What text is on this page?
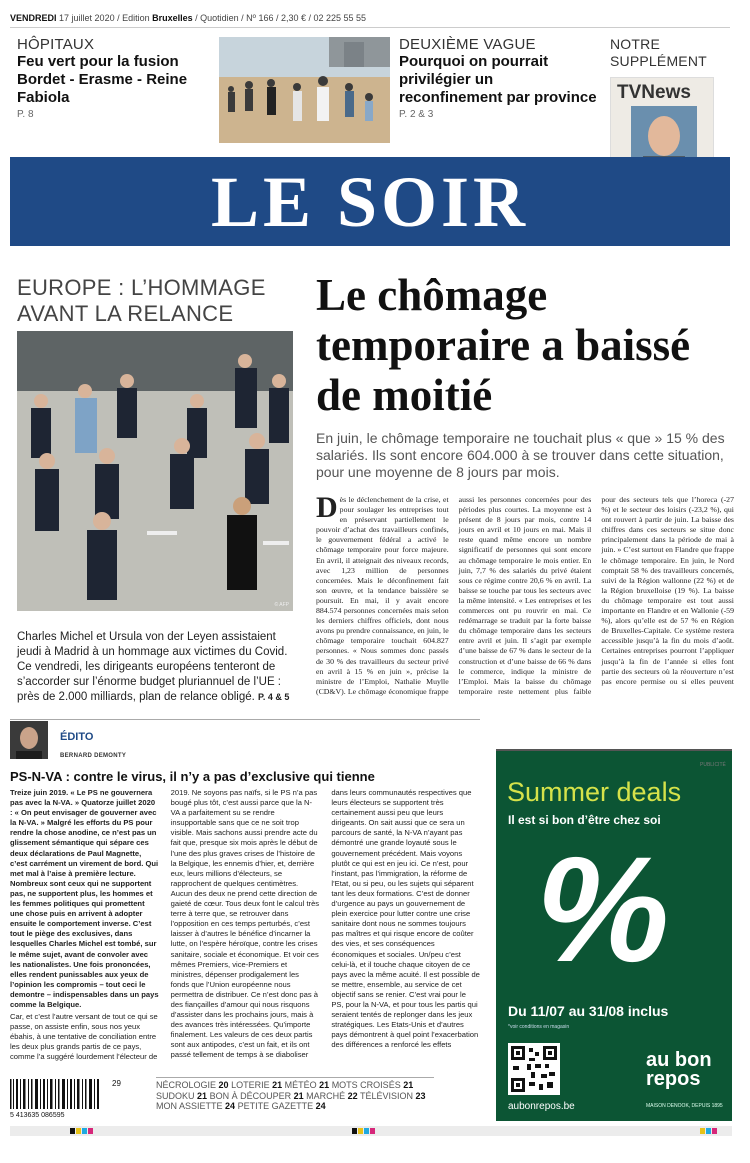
VENDREDI 17 juillet 2020 / Edition Bruxelles / Quotidien / Nº 166 / 2,30 € / 02 225 55 55
HÔPITAUX
Feu vert pour la fusion Bordet - Erasme - Reine Fabiola
P. 8
DEUXIÈME VAGUE
Pourquoi on pourrait privilégier un reconfinement par province
P. 2 & 3
NOTRE SUPPLÉMENT
TVNews
LE SOIR
EUROPE : L’HOMMAGE AVANT LA RELANCE
© AFP
Charles Michel et Ursula von der Leyen assistaient jeudi à Madrid à un hommage aux victimes du Covid. Ce vendredi, les dirigeants européens tenteront de s’accorder sur l’énorme budget pluriannuel de l’UE : près de 2.000 milliards, plan de relance obligé. P. 4 & 5
Le chômage temporaire a baissé de moitié
En juin, le chômage temporaire ne touchait plus « que » 15 % des salariés. Ils sont encore 604.000 à se trouver dans cette situation, pour une moyenne de 8 jours par mois.
Dès le déclenchement de la crise, et pour soulager les entreprises tout en préservant partiellement le pouvoir d’achat des travailleurs confinés, le gouvernement fédéral a activé le chômage temporaire pour force majeure. En avril, il atteignait des niveaux records, avec 1,23 million de personnes concernées. Mais le déconfinement fait son œuvre, et la tendance baissière se poursuit. En mai, il y avait encore 884.574 personnes concernées mais selon les derniers chiffres officiels, dont nous avons pu prendre connaissance, en juin, le chômage temporaire touchait 604.827 personnes. « Nous sommes donc passés de 30 % des travailleurs du secteur privé en avril à 15 % en juin », précise la ministre de l’Emploi, Nathalie Muylle (CD&V). Le chômage économique frappe aussi les personnes concernées pour des périodes plus courtes. La moyenne est à présent de 8 jours par mois, contre 14 jours en avril et 10 jours en mai. Mais il reste quand même encore un nombre significatif de personnes qui sont encore au chômage temporaire le mois entier. En juin, 7,7 % des salariés du privé étaient sous ce régime contre 20,6 % en avril. La baisse se touche par tous les secteurs avec la même intensité. « Les entreprises et les commerces ont pu rouvrir en mai. Ce redémarrage se traduit par la forte baisse du chômage temporaire dans les secteurs entre avril et juin. Il s’agit par exemple d’une baisse de 67 % dans le secteur de la construction et d’une baisse de 66 % dans le commerce, indique la ministre de l’Emploi. Mais la baisse du chômage temporaire reste nettement plus faible pour des secteurs tels que l’horeca (-27 %) et le secteur des loisirs (-23,2 %), qui ont rouvert à partir de juin. La baisse des chiffres dans ces secteurs se situe donc principalement dans la période de mai à juin. » C’est surtout en Flandre que frappe le chômage temporaire. En juin, le Nord comptait 58 % des travailleurs concernés, suivi de la Région wallonne (22 %) et de la Région bruxelloise (19 %). La baisse du chômage temporaire est tout aussi importante en Flandre et en Wallonie (-59 %), alors qu’elle est de 57 % en Région de Bruxelles-Capitale. Ce système restera accessible jusqu’à la fin du mois d’août. Certaines entreprises pourront l’appliquer jusqu’à la fin de l’année si elles font partie des secteurs où la réouverture n’est pas encore permise ou si elles peuvent
ÉDITO
BERNARD DEMONTY
PS-N-VA : contre le virus, il n’y a pas d’exclusive qui tienne

Treize juin 2019. « Le PS ne gouvernera pas avec la N-VA. » Quatorze juillet 2020 : « On peut envisager de gouverner avec la N-VA. » Malgré les efforts du PS pour rendre la chose anodine, ce n’est pas un glissement sémantique qui sépare ces deux déclarations de Paul Magnette, c’est carrément un virement de bord. Qui met mal à l’aise à première lecture. Nombreux sont ceux qui ne supportent pas, ne supportent plus, les hommes et les femmes politiques qui promettent une chose puis en arrivent à adopter ensuite le comportement inverse. C’est tout le piège des exclusives, dans lesquelles Charles Michel est tombé, sur le même sujet, avant de convoler avec les nationalistes. Une fois prononcées, elles rendent punissables aux yeux de l’opinion les compromis – tout ceci le demontre – indispensables dans un pays comme la Belgique.

Car, et c’est l’autre versant de tout ce qui se passe, on assiste enfin, sous nos yeux ébahis, à une tentative de conciliation entre les deux plus grands partis de ce pays, comme l’a suggéré lourdement l’électeur de 2019. Ne soyons pas naïfs, si le PS n’a pas bougé plus tôt, c’est aussi parce que la N-VA a parfaitement su se rendre insupportable sans que ce ne soit trop visible. Mais sachons aussi prendre acte du fait que, presque six mois après le début de l’une des plus graves crises de l’histoire de la Belgique, les ennemis d’hier, et, derrière eux, leurs millions d’électeurs, se rapprochent de quelques centimètres. Aucun des deux ne prend cette direction de gaieté de cœur. Tous deux font le calcul très terre à terre que, se retrouver dans l’opposition en ces temps perturbés, c’est laisser à d’autres le bénéfice d’incarner la lutte, on l’espère héroïque, contre les crises sanitaire, sociale et économique. Et voir ces mêmes Premiers, vice-Premiers et ministres, dépenser prodigalement les fonds que l’Union européenne nous permettra de distribuer. Ce n’est donc pas à des fiançailles d’amour qui nous risquons d’assister dans les prochains jours, mais à des avances très intéressées. Qu’importe finalement. Les valeurs de ces deux partis sont aux antipodes, c’est un fait, et ils ont passé tellement de temps à se diaboliser dans leurs communautés respectives que leurs électeurs se supportent très certainement aussi peu que leurs dirigeants. On sait aussi que ce sera un parcours de santé, la N-VA n’ayant pas démontré une grande loyauté sous le gouvernement précédent. Mais voyons plutôt ce qui est en jeu ici. Ce n’est, pour l’instant, pas l’immigration, la réforme de l’Etat, ou si peu, ou les sujets qui séparent tant les deux formations. C’est de donner d’urgence au pays un gouvernement de plein exercice pour lutter contre une crise sanitaire dont nous ne sommes toujours pas maîtres et qui risque encore de coûter des vies, et ses conséquences économiques et sociales. Un/peu c’est celui-là, et il touche chaque citoyen de ce pays avec la même acuité. Il est possible de se mettre, ensemble, au service de cet objectif sans se renier. C’est vrai pour le PS, pour la N-VA, et pour tous les partis qui seraient tentés de replonger dans les jeux stratégiques. Les Etats-Unis et d’autres pays démontrent à quel point l’exacerbation des différences a renforcé les effets

5 413635 086595
29	NÉCROLOGIE 20 LOTERIE 21 MÉTÉO 21 MOTS CROISÉS 21 SUDOKU 21 BON À DÉCOUPER 21 MARCHÉ 22 TÉLÉVISION 23 MON ASSIETTE 24 PETITE GAZETTE 24
Summer deals
Il est si bon d’être chez soi
%
Du 11/07 au 31/08 inclus
*voir conditions en magasin
aubonrepos.be
au bon repos
MAISON DENOOK, DEPUIS 1895
PUBLICITÉ
